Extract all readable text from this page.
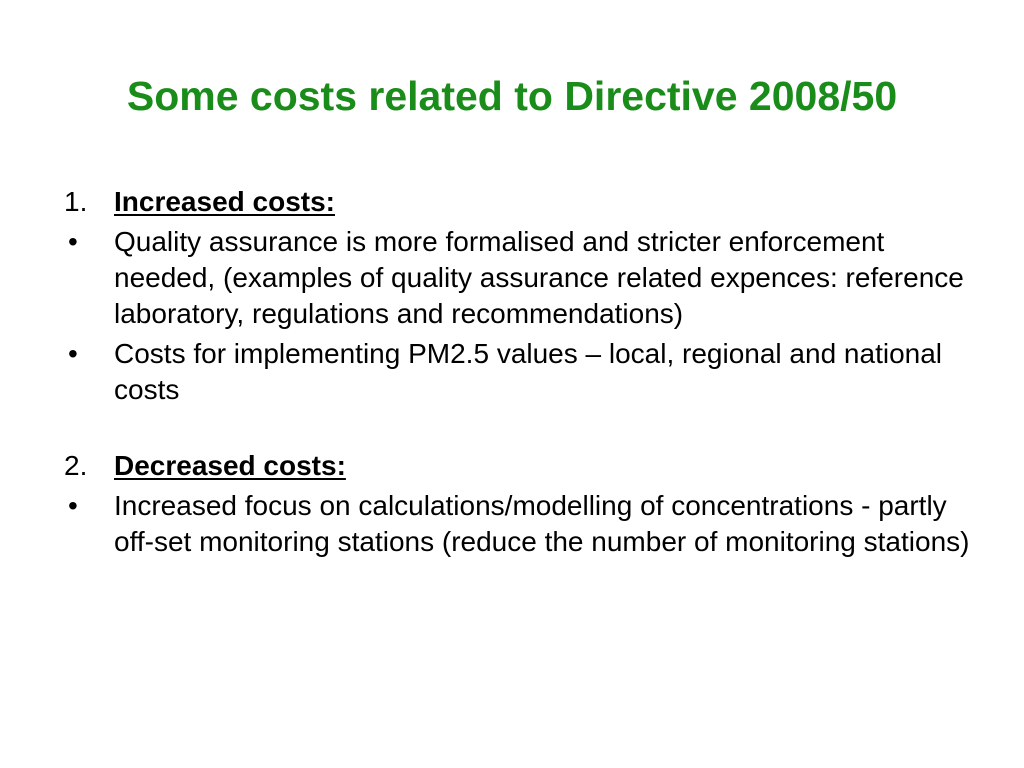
Some costs related to Directive 2008/50
1. Increased costs:
•	Quality assurance is more formalised and stricter enforcement needed, (examples of quality assurance related expences: reference laboratory, regulations and recommendations)
•	Costs for implementing PM2.5 values – local, regional and national costs
2. Decreased costs:
•	Increased focus on calculations/modelling of concentrations - partly off-set monitoring stations (reduce the number of monitoring stations)
